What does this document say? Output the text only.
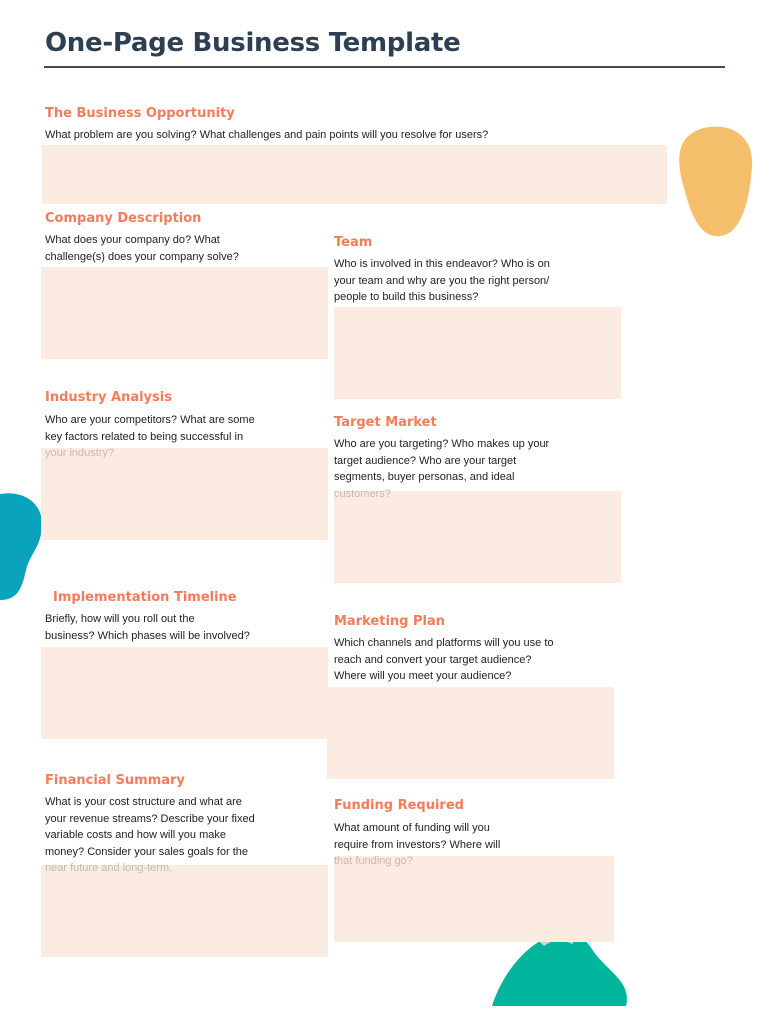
One-Page Business Template
The Business Opportunity
What problem are you solving? What challenges and pain points will you resolve for users?
Company Description
What does your company do? What
challenge(s) does your company solve?
Team
Who is involved in this endeavor? Who is on
your team and why are you the right person/
people to build this business?
Industry Analysis
Who are your competitors? What are some
key factors related to being successful in
your industry?
Target Market
Who are you targeting? Who makes up your
target audience? Who are your target
segments, buyer personas, and ideal
customers?
Implementation Timeline
Briefly, how will you roll out the
business? Which phases will be involved?
Marketing Plan
Which channels and platforms will you use to
reach and convert your target audience?
Where will you meet your audience?
Financial Summary
What is your cost structure and what are
your revenue streams? Describe your fixed
variable costs and how will you make
money? Consider your sales goals for the
near future and long-term.
Funding Required
What amount of funding will you
require from investors? Where will
that funding go?
